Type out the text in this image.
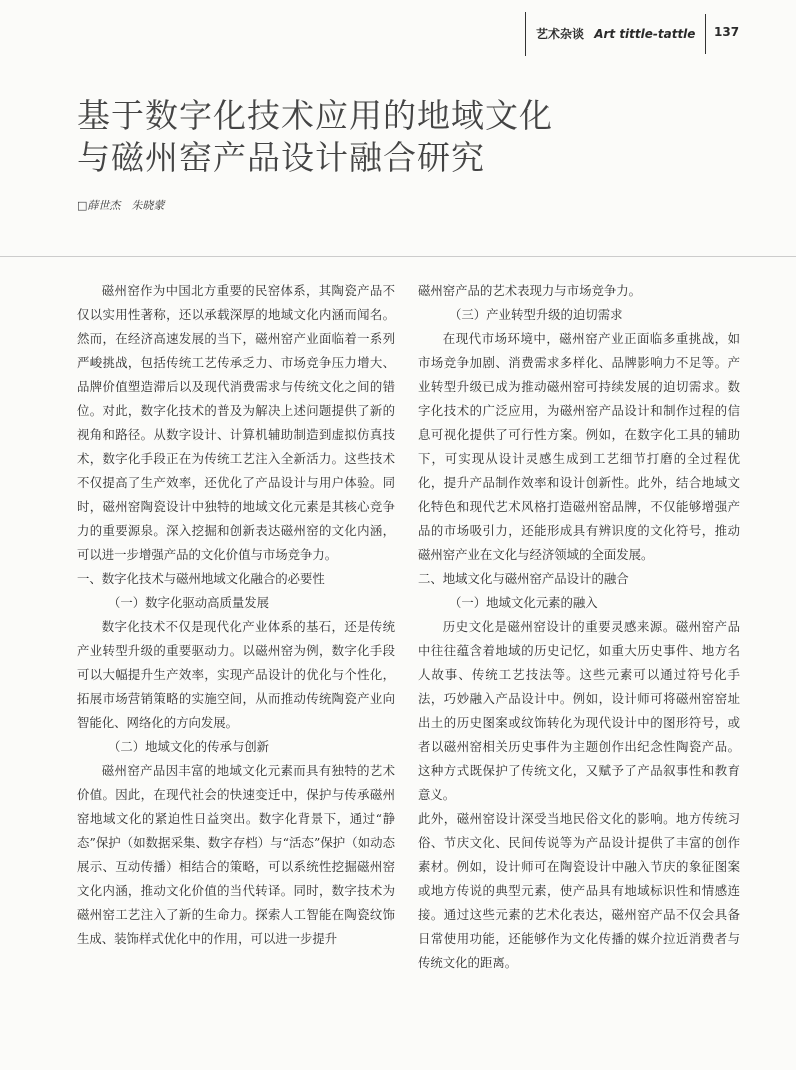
艺术杂谈 Art tittle-tattle 137
基于数字化技术应用的地域文化
与磁州窑产品设计融合研究
□薛世杰　朱晓蒙

磁州窑作为中国北方重要的民窑体系，其陶瓷产品不仅以实用性著称，还以承载深厚的地域文化内涵而闻名。然而，在经济高速发展的当下，磁州窑产业面临着一系列严峻挑战，包括传统工艺传承乏力、市场竞争压力增大、品牌价值塑造滞后以及现代消费需求与传统文化之间的错位。对此，数字化技术的普及为解决上述问题提供了新的视角和路径。从数字设计、计算机辅助制造到虚拟仿真技术，数字化手段正在为传统工艺注入全新活力。这些技术不仅提高了生产效率，还优化了产品设计与用户体验。同时，磁州窑陶瓷设计中独特的地域文化元素是其核心竞争力的重要源泉。深入挖掘和创新表达磁州窑的文化内涵，可以进一步增强产品的文化价值与市场竞争力。

一、数字化技术与磁州地域文化融合的必要性
（一）数字化驱动高质量发展

数字化技术不仅是现代化产业体系的基石，还是传统产业转型升级的重要驱动力。以磁州窑为例，数字化手段可以大幅提升生产效率，实现产品设计的优化与个性化，拓展市场营销策略的实施空间，从而推动传统陶瓷产业向智能化、网络化的方向发展。

（二）地域文化的传承与创新

磁州窑产品因丰富的地域文化元素而具有独特的艺术价值。因此，在现代社会的快速变迁中，保护与传承磁州窑地域文化的紧迫性日益突出。数字化背景下，通过“静态”保护（如数据采集、数字存档）与“活态”保护（如动态展示、互动传播）相结合的策略，可以系统性挖掘磁州窑文化内涵，推动文化价值的当代转译。同时，数字技术为磁州窑工艺注入了新的生命力。探索人工智能在陶瓷纹饰生成、装饰样式优化中的作用，可以进一步提升

磁州窑产品的艺术表现力与市场竞争力。

（三）产业转型升级的迫切需求

在现代市场环境中，磁州窑产业正面临多重挑战，如市场竞争加剧、消费需求多样化、品牌影响力不足等。产业转型升级已成为推动磁州窑可持续发展的迫切需求。数字化技术的广泛应用，为磁州窑产品设计和制作过程的信息可视化提供了可行性方案。例如，在数字化工具的辅助下，可实现从设计灵感生成到工艺细节打磨的全过程优化，提升产品制作效率和设计创新性。此外，结合地域文化特色和现代艺术风格打造磁州窑品牌，不仅能够增强产品的市场吸引力，还能形成具有辨识度的文化符号，推动磁州窑产业在文化与经济领域的全面发展。

二、地域文化与磁州窑产品设计的融合
（一）地域文化元素的融入

历史文化是磁州窑设计的重要灵感来源。磁州窑产品中往往蕴含着地域的历史记忆，如重大历史事件、地方名人故事、传统工艺技法等。这些元素可以通过符号化手法，巧妙融入产品设计中。例如，设计师可将磁州窑窑址出土的历史图案或纹饰转化为现代设计中的图形符号，或者以磁州窑相关历史事件为主题创作出纪念性陶瓷产品。这种方式既保护了传统文化，又赋予了产品叙事性和教育意义。

此外，磁州窑设计深受当地民俗文化的影响。地方传统习俗、节庆文化、民间传说等为产品设计提供了丰富的创作素材。例如，设计师可在陶瓷设计中融入节庆的象征图案或地方传说的典型元素，使产品具有地域标识性和情感连接。通过这些元素的艺术化表达，磁州窑产品不仅会具备日常使用功能，还能够作为文化传播的媒介拉近消费者与传统文化的距离。
